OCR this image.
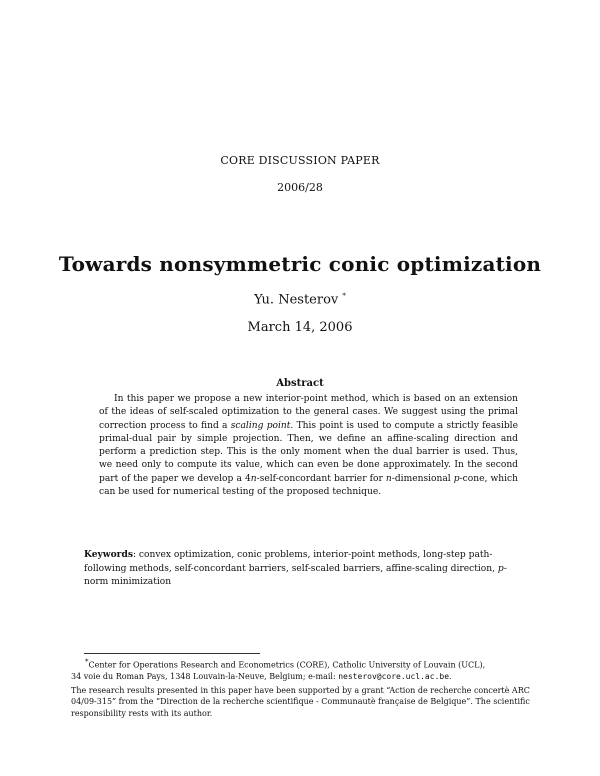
CORE DISCUSSION PAPER
2006/28
Towards nonsymmetric conic optimization
Yu. Nesterov *
March 14, 2006
Abstract

In this paper we propose a new interior-point method, which is based on an extension of the ideas of self-scaled optimization to the general cases. We suggest using the primal correction process to find a scaling point. This point is used to compute a strictly feasible primal-dual pair by simple projection. Then, we define an affine-scaling direction and perform a prediction step. This is the only moment when the dual barrier is used. Thus, we need only to compute its value, which can even be done approximately. In the second part of the paper we develop a 4n-self-concordant barrier for n-dimensional p-cone, which can be used for numerical testing of the proposed technique.

Keywords: convex optimization, conic problems, interior-point methods, long-step path-following methods, self-concordant barriers, self-scaled barriers, affine-scaling direction, p-norm minimization

*Center for Operations Research and Econometrics (CORE), Catholic University of Louvain (UCL),
34 voie du Roman Pays, 1348 Louvain-la-Neuve, Belgium; e-mail: nesterov@core.ucl.ac.be.

The research results presented in this paper have been supported by a grant “Action de recherche concertè ARC 04/09-315” from the “Direction de la recherche scientifique - Communautè française de Belgique”. The scientific responsibility rests with its author.
